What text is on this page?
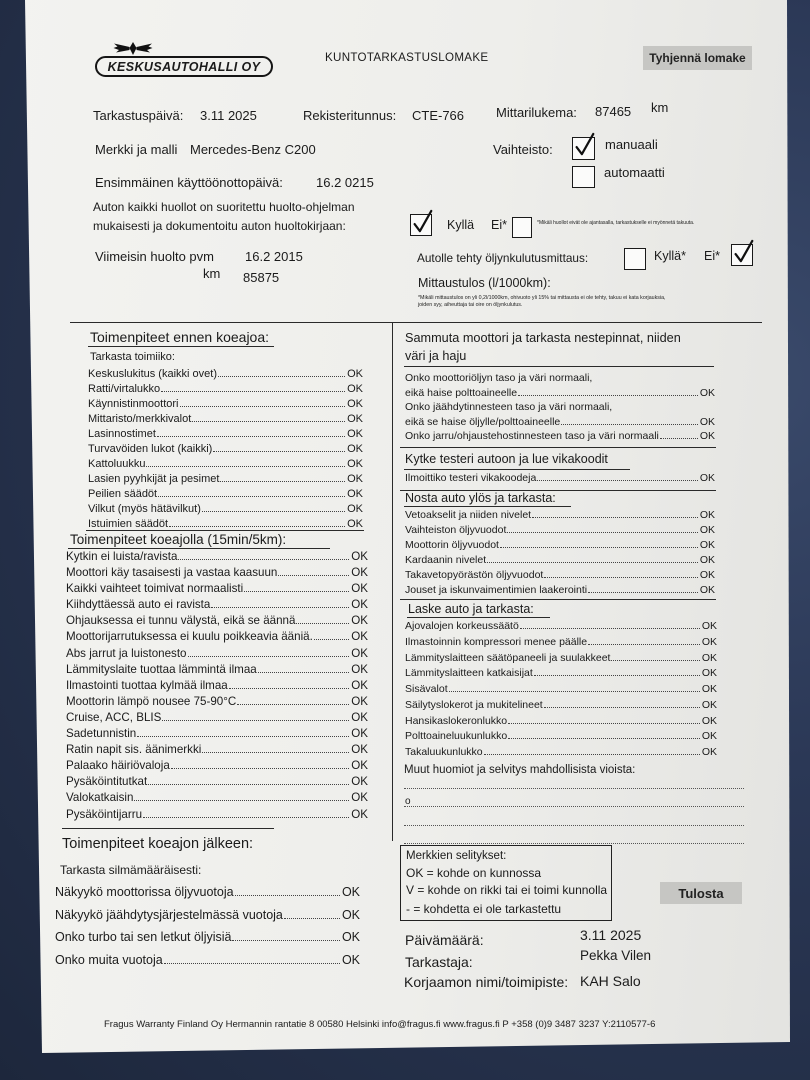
KESKUSAUTOHALLI OY
KUNTOTARKASTUSLOMAKE	Tyhjennä lomake
Tarkastuspäivä: 3.11 2025	Rekisteritunnus: CTE-766 Mittarilukema: 87465 km
Merkki ja malli Mercedes-Benz C200	Vaihteisto:	manuaali
automaatti
Ensimmäinen käyttöönottopäivä:	16.2 0215
Auton kaikki huollot on suoritettu huolto-ohjelman
mukaisesti ja dokumentoitu auton huoltokirjaan:	Kyllä Ei*	*Mikäli huollot eivät ole ajantasalla, tarkastukselle ei myönnetä takuuta.
Viimeisin huolto pvm 16.2 2015
km 85875
Autolle tehty öljynkulutusmittaus:	Kyllä* Ei*
Mittaustulos (l/1000km):
*Mikäli mittaustulos on yli 0,2l/1000km, ohivuoto yli 15% tai mittausta ei ole tehty, takuu ei kata korjauksia, joiden syy, aiheuttaja tai oire on öljynkulutus.
Toimenpiteet ennen koeajoa:
Tarkasta toimiiko:
Keskuslukitus (kaikki ovet)	OK
Ratti/virtalukko	OK
Käynnistinmoottori	OK
Mittaristo/merkkivalot	OK
Lasinnostimet	OK
Turvavöiden lukot (kaikki)	OK
Kattoluukku	OK
Lasien pyyhkijät ja pesimet	OK
Peilien säädöt	OK
Vilkut (myös hätävilkut)	OK
Istuimien säädöt	OK
Toimenpiteet koeajolla (15min/5km):
Kytkin ei luista/ravista	OK
Moottori käy tasaisesti ja vastaa kaasuun	OK
Kaikki vaihteet toimivat normaalisti	OK
Kiihdyttäessä auto ei ravista	OK
Ohjauksessa ei tunnu välystä, eikä se äännä	OK
Moottorijarrutuksessa ei kuulu poikkeavia ääniä.	OK
Abs jarrut ja luistonesto	OK
Lämmityslaite tuottaa lämmintä ilmaa	OK
Ilmastointi tuottaa kylmää ilmaa	OK
Moottorin lämpö nousee 75-90°C	OK
Cruise, ACC, BLIS	OK
Sadetunnistin	OK
Ratin napit sis. äänimerkki	OK
Palaako häiriövaloja	OK
Pysäköintitutkat	OK
Valokatkaisin	OK
Pysäköintijarru	OK
Toimenpiteet koeajon jälkeen:
Tarkasta silmämääräisesti:
Näkyykö moottorissa öljyvuotoja	OK
Näkyykö jäähdytysjärjestelmässä vuotoja	OK
Onko turbo tai sen letkut öljyisiä	OK
Onko muita vuotoja	OK
Sammuta moottori ja tarkasta nestepinnat, niiden
väri ja haju
Onko moottoriöljyn taso ja väri normaali,
eikä haise polttoaineelle	OK
Onko jäähdytinnesteen taso ja väri normaali,
eikä se haise öljylle/polttoaineelle	OK
Onko jarru/ohjaustehostinnesteen taso ja väri normaali	OK
Kytke testeri autoon ja lue vikakoodit
Ilmoittiko testeri vikakoodeja	OK
Nosta auto ylös ja tarkasta:
Vetoakselit ja niiden nivelet	OK
Vaihteiston öljyvuodot	OK
Moottorin öljyvuodot	OK
Kardaanin nivelet	OK
Takavetopyörästön öljyvuodot	OK
Jouset ja iskunvaimentimien laakerointi	OK
Laske auto ja tarkasta:
Ajovalojen korkeussäätö	OK
Ilmastoinnin kompressori menee päälle	OK
Lämmityslaitteen säätöpaneeli ja suulakkeet	OK
Lämmityslaitteen katkaisijat	OK
Sisävalot	OK
Säilytyslokerot ja mukitelineet	OK
Hansikaslokeronlukko	OK
Polttoaineluukunlukko	OK
Takaluukunlukko	OK
Muut huomiot ja selvitys mahdollisista vioista:
o
Merkkien selitykset:
OK = kohde on kunnossa
V = kohde on rikki tai ei toimi kunnolla
- = kohdetta ei ole tarkastettu
Tulosta
Päivämäärä:	3.11 2025
Tarkastaja:	Pekka Vilen
Korjaamon nimi/toimipiste: KAH Salo
Fragus Warranty Finland Oy Hermannin rantatie 8 00580 Helsinki info@fragus.fi www.fragus.fi P +358 (0)9 3487 3237 Y:2110577-6
